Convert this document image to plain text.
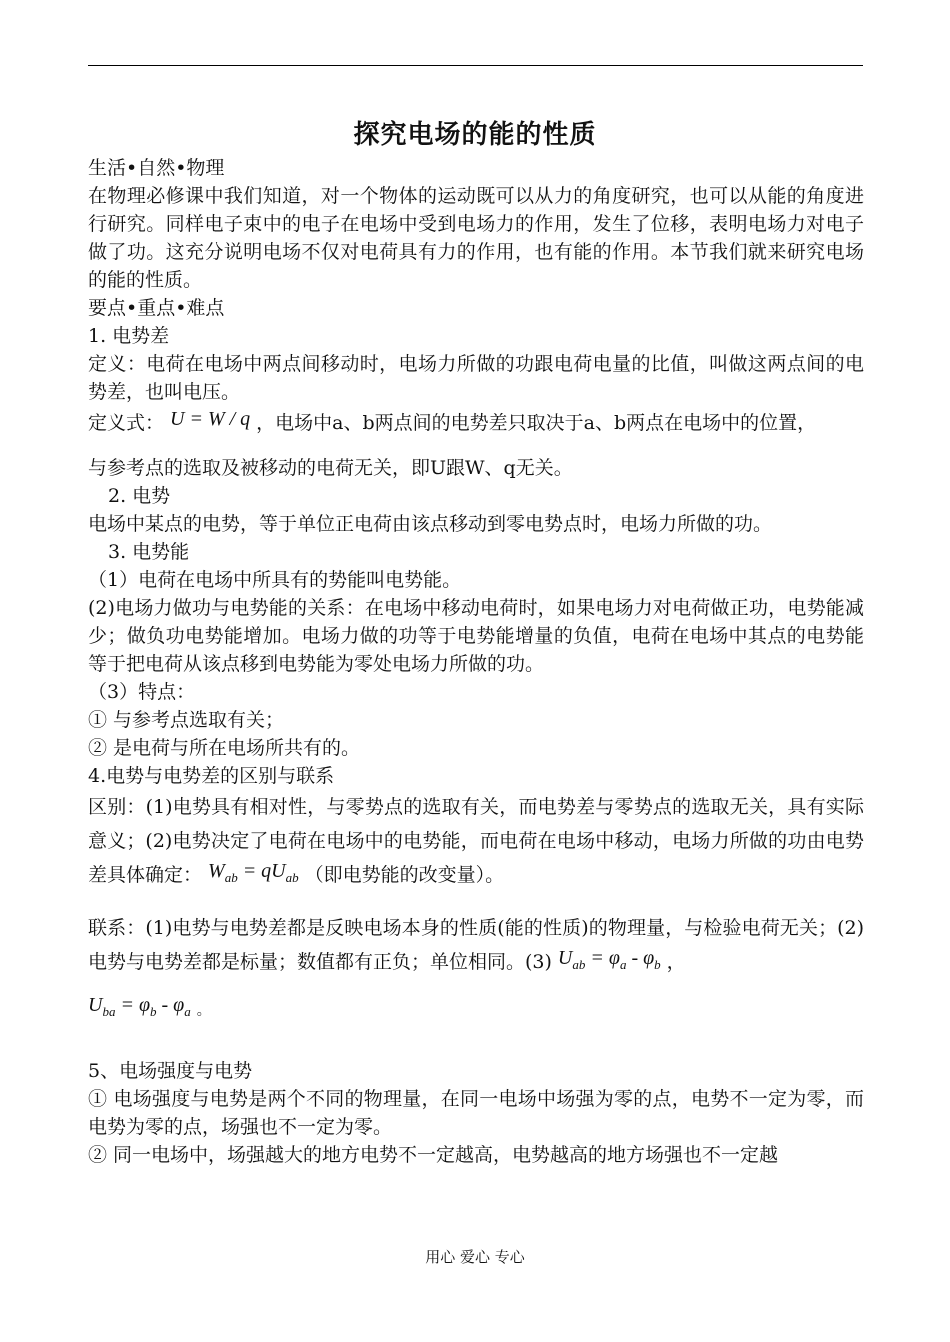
探究电场的能的性质

生活•自然•物理

在物理必修课中我们知道，对一个物体的运动既可以从力的角度研究，也可以从能的角度进行研究。同样电子束中的电子在电场中受到电场力的作用，发生了位移，表明电场力对电子做了功。这充分说明电场不仅对电荷具有力的作用，也有能的作用。本节我们就来研究电场的能的性质。

要点•重点•难点

1. 电势差

定义：电荷在电场中两点间移动时，电场力所做的功跟电荷电量的比值，叫做这两点间的电势差，也叫电压。

定义式： U = W / q ，电场中a、b两点间的电势差只取决于a、b两点在电场中的位置，

与参考点的选取及被移动的电荷无关，即U跟W、q无关。

2. 电势

电场中某点的电势，等于单位正电荷由该点移动到零电势点时，电场力所做的功。

3. 电势能

（1）电荷在电场中所具有的势能叫电势能。

(2)电场力做功与电势能的关系：在电场中移动电荷时，如果电场力对电荷做正功，电势能减少；做负功电势能增加。电场力做的功等于电势能增量的负值，电荷在电场中其点的电势能等于把电荷从该点移到电势能为零处电场力所做的功。

（3）特点：

① 与参考点选取有关；

② 是电荷与所在电场所共有的。

4.电势与电势差的区别与联系

区别：(1)电势具有相对性，与零势点的选取有关，而电势差与零势点的选取无关，具有实际意义；(2)电势决定了电荷在电场中的电势能，而电荷在电场中移动，电场力所做的功由电势差具体确定： $W_{ab} = qU_{ab}$ （即电势能的改变量）。

联系：(1)电势与电势差都是反映电场本身的性质(能的性质)的物理量，与检验电荷无关；(2)电势与电势差都是标量；数值都有正负；单位相同。(3) $U_{ab} = \varphi_a - \varphi_b$ ，

$U_{ba} = \varphi_b - \varphi_a$ 。

5、电场强度与电势

① 电场强度与电势是两个不同的物理量，在同一电场中场强为零的点，电势不一定为零，而电势为零的点，场强也不一定为零。

② 同一电场中，场强越大的地方电势不一定越高，电势越高的地方场强也不一定越

用心 爱心 专心
